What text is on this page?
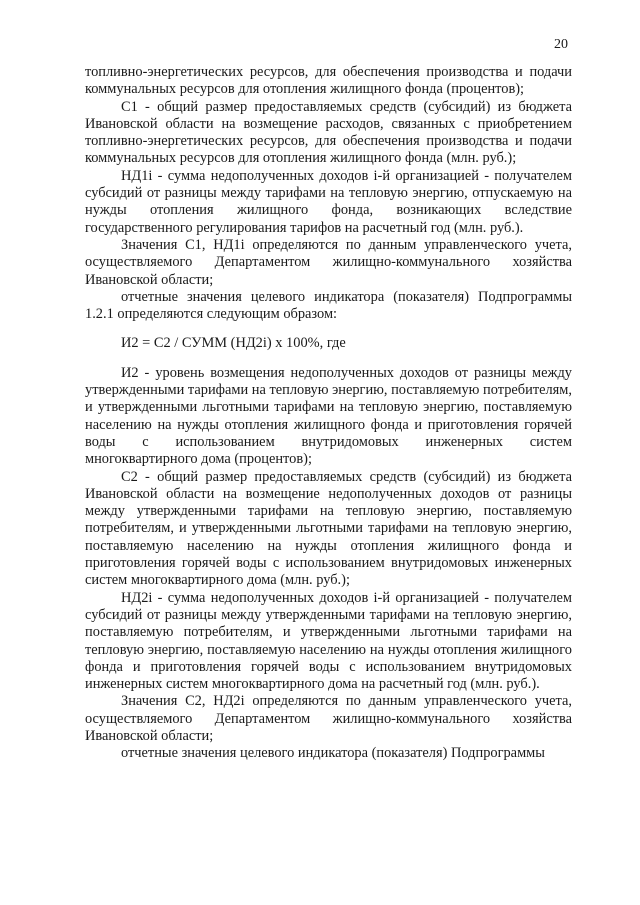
20

топливно-энергетических ресурсов, для обеспечения производства и подачи коммунальных ресурсов для отопления жилищного фонда (процентов);

С1 - общий размер предоставляемых средств (субсидий) из бюджета Ивановской области на возмещение расходов, связанных с приобретением топливно-энергетических ресурсов, для обеспечения производства и подачи коммунальных ресурсов для отопления жилищного фонда (млн. руб.);

НД1i - сумма недополученных доходов i-й организацией - получателем субсидий от разницы между тарифами на тепловую энергию, отпускаемую на нужды отопления жилищного фонда, возникающих вследствие государственного регулирования тарифов на расчетный год (млн. руб.).

Значения С1, НД1i определяются по данным управленческого учета, осуществляемого Департаментом жилищно-коммунального хозяйства Ивановской области;

отчетные значения целевого индикатора (показателя) Подпрограммы 1.2.1 определяются следующим образом:

И2 = С2 / СУММ (НД2i) x 100%, где

И2 - уровень возмещения недополученных доходов от разницы между утвержденными тарифами на тепловую энергию, поставляемую потребителям, и утвержденными льготными тарифами на тепловую энергию, поставляемую населению на нужды отопления жилищного фонда и приготовления горячей воды с использованием внутридомовых инженерных систем многоквартирного дома (процентов);

С2 - общий размер предоставляемых средств (субсидий) из бюджета Ивановской области на возмещение недополученных доходов от разницы между утвержденными тарифами на тепловую энергию, поставляемую потребителям, и утвержденными льготными тарифами на тепловую энергию, поставляемую населению на нужды отопления жилищного фонда и приготовления горячей воды с использованием внутридомовых инженерных систем многоквартирного дома (млн. руб.);

НД2i - сумма недополученных доходов i-й организацией - получателем субсидий от разницы между утвержденными тарифами на тепловую энергию, поставляемую потребителям, и утвержденными льготными тарифами на тепловую энергию, поставляемую населению на нужды отопления жилищного фонда и приготовления горячей воды с использованием внутридомовых инженерных систем многоквартирного дома на расчетный год (млн. руб.).

Значения С2, НД2i определяются по данным управленческого учета, осуществляемого Департаментом жилищно-коммунального хозяйства Ивановской области;

отчетные значения целевого индикатора (показателя) Подпрограммы
